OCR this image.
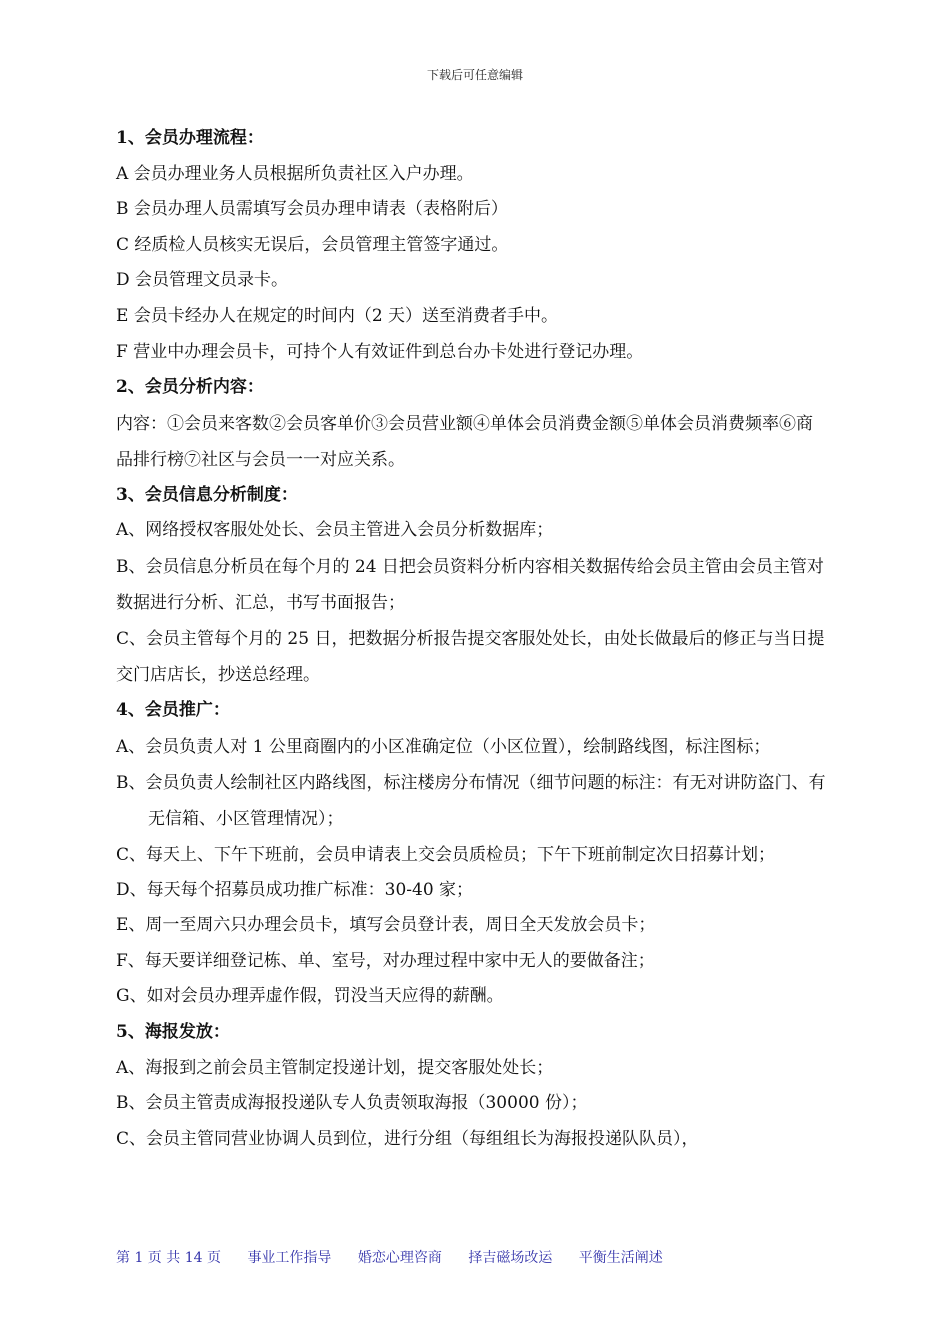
下载后可任意编辑
1、会员办理流程：
A 会员办理业务人员根据所负责社区入户办理。
B 会员办理人员需填写会员办理申请表（表格附后）
C 经质检人员核实无误后，会员管理主管签字通过。
D 会员管理文员录卡。
E 会员卡经办人在规定的时间内（2 天）送至消费者手中。
F 营业中办理会员卡，可持个人有效证件到总台办卡处进行登记办理。
2、会员分析内容：
内容：①会员来客数②会员客单价③会员营业额④单体会员消费金额⑤单体会员消费频率⑥商品排行榜⑦社区与会员一一对应关系。
3、会员信息分析制度：
A、网络授权客服处处长、会员主管进入会员分析数据库；
B、会员信息分析员在每个月的 24 日把会员资料分析内容相关数据传给会员主管由会员主管对数据进行分析、汇总，书写书面报告；
C、会员主管每个月的 25 日，把数据分析报告提交客服处处长，由处长做最后的修正与当日提交门店店长，抄送总经理。
4、会员推广：
A、会员负责人对 1 公里商圈内的小区准确定位（小区位置），绘制路线图，标注图标；
B、会员负责人绘制社区内路线图，标注楼房分布情况（细节问题的标注：有无对讲防盗门、有无信箱、小区管理情况）；
C、每天上、下午下班前，会员申请表上交会员质检员；下午下班前制定次日招募计划；
D、每天每个招募员成功推广标准：30-40 家；
E、周一至周六只办理会员卡，填写会员登计表，周日全天发放会员卡；
F、每天要详细登记栋、单、室号，对办理过程中家中无人的要做备注；
G、如对会员办理弄虚作假，罚没当天应得的薪酬。
5、海报发放：
A、海报到之前会员主管制定投递计划，提交客服处处长；
B、会员主管责成海报投递队专人负责领取海报（30000 份）；
C、会员主管同营业协调人员到位，进行分组（每组组长为海报投递队队员），
第 1 页 共 14 页 事业工作指导 婚恋心理咨商 择吉磁场改运 平衡生活阐述
